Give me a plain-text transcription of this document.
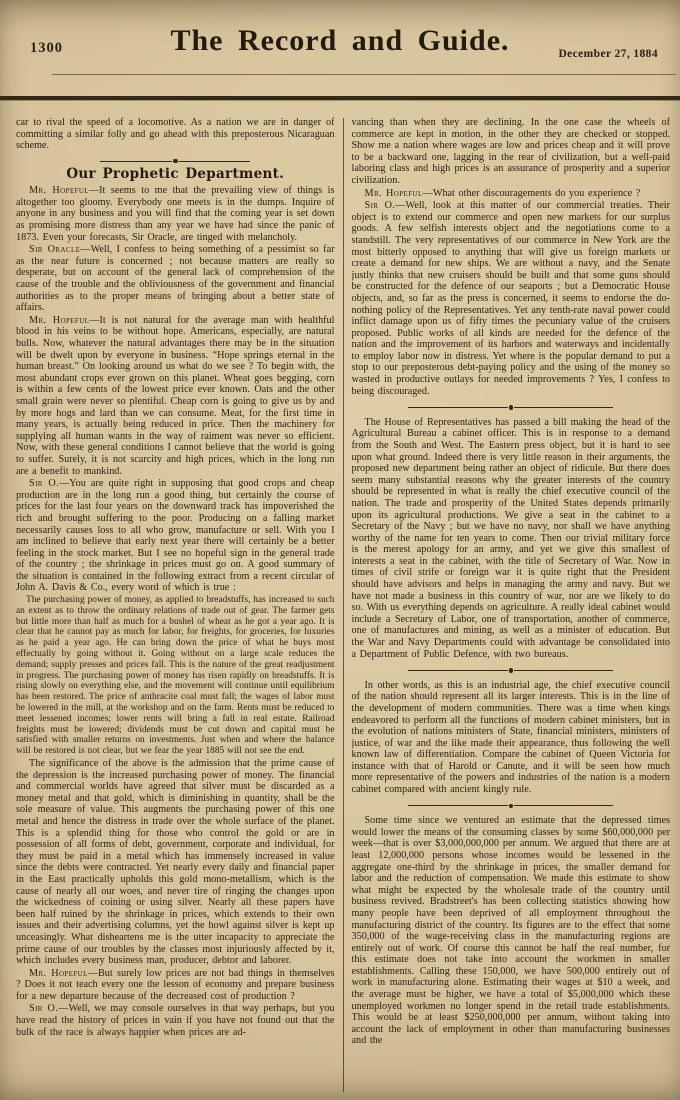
1300	The Record and Guide.	December 27, 1884

car to rival the speed of a locomotive. As a nation we are in danger of committing a similar folly and go ahead with this preposterous Nicaraguan scheme.

Our Prophetic Department.

Mr. Hopeful—It seems to me that the prevailing view of things is altogether too gloomy. Everybody one meets is in the dumps. Inquire of anyone in any business and you will find that the coming year is set down as promising more distress than any year we have had since the panic of 1873. Even your forecasts, Sir Oracle, are tinged with melancholy.

Sir Oracle—Well, I confess to being something of a pessimist so far as the near future is concerned ; not because matters are really so desperate, but on account of the general lack of comprehension of the cause of the trouble and the obliviousness of the government and financial authorities as to the proper means of bringing about a better state of affairs.

Mr. Hopeful—It is not natural for the average man with healthful blood in his veins to be without hope. Americans, especially, are natural bulls. Now, whatever the natural advantages there may be in the situation will be dwelt upon by everyone in business. “Hope springs eternal in the human breast.” On looking around us what do we see ? To begin with, the most abundant crops ever grown on this planet. Wheat goes begging, corn is within a few cents of the lowest price ever known. Oats and the other small grain were never so plentiful. Cheap corn is going to give us by and by more hogs and lard than we can consume. Meat, for the first time in many years, is actually being reduced in price. Then the machinery for supplying all human wants in the way of raiment was never so efficient. Now, with these general conditions I cannot believe that the world is going to suffer. Surely, it is not scarcity and high prices, which in the long run are a benefit to mankind.

Sir O.—You are quite right in supposing that good crops and cheap production are in the long run a good thing, but certainly the course of prices for the last four years on the downward track has impoverished the rich and brought suffering to the poor. Producing on a falling market necessarily causes loss to all who grow, manufacture or sell. With you I am inclined to believe that early next year there will certainly be a better feeling in the stock market. But I see no hopeful sign in the general trade of the country ; the shrinkage in prices must go on. A good summary of the situation is contained in the following extract from a recent circular of John A. Davis & Co., every word of which is true :

The purchasing power of money, as applied to breadstuffs, has increased to such an extent as to throw the ordinary relations of trade out of gear. The farmer gets but little more than half as much for a bushel of wheat as he got a year ago. It is clear that he cannot pay as much for labor, for freights, for groceries, for luxuries as he paid a year ago. He can bring down the price of what he buys most effectually by going without it. Going without on a large scale reduces the demand; supply presses and prices fall. This is the nature of the great readjustment in progress. The purchasing power of money has risen rapidly on breadstuffs. It is rising slowly on everything else, and the movement will continue until equilibrium has been restored. The price of anthracite coal must fall; the wages of labor must be lowered in the mill, at the workshop and on the farm. Rents must be reduced to meet lessened incomes; lower rents will bring a fall in real estate. Railroad freights must be lowered; dividends must be cut down and capital must be satisfied with smaller returns on investments. Just when and where the balance will be restored is not clear, but we fear the year 1885 will not see the end.

The significance of the above is the admission that the prime cause of the depression is the increased purchasing power of money. The financial and commercial worlds have agreed that silver must be discarded as a money metal and that gold, which is diminishing in quantity, shall be the sole measure of value. This augments the purchasing power of this one metal and hence the distress in trade over the whole surface of the planet. This is a splendid thing for those who control the gold or are in possession of all forms of debt, government, corporate and individual, for they must be paid in a metal which has immensely increased in value since the debts were contracted. Yet nearly every daily and financial paper in the East practically upholds this gold mono-metallism, which is the cause of nearly all our woes, and never tire of ringing the changes upon the wickedness of coining or using silver. Nearly all these papers have been half ruined by the shrinkage in prices, which extends to their own issues and their advertising columns, yet the howl against silver is kept up unceasingly. What disheartens me is the utter incapacity to appreciate the prime cause of our troubles by the classes most injuriously affected by it, which includes every business man, producer, debtor and laborer.

Mr. Hopeful—But surely low prices are not bad things in themselves ? Does it not teach every one the lesson of economy and prepare business for a new departure because of the decreased cost of production ?

Sir O.—Well, we may console ourselves in that way perhaps, but you have read the history of prices in vain if you have not found out that the bulk of the race is always happier when prices are ad-

vancing than when they are declining. In the one case the wheels of commerce are kept in motion, in the other they are checked or stopped. Show me a nation where wages are low and prices cheap and it will prove to be a backward one, lagging in the rear of civilization, but a well-paid laboring class and high prices is an assurance of prosperity and a superior civilization.

Mr. Hopeful—What other discouragements do you experience ?

Sir O.—Well, look at this matter of our commercial treaties. Their object is to extend our commerce and open new markets for our surplus goods. A few selfish interests object and the negotiations come to a standstill. The very representatives of our commerce in New York are the most bitterly opposed to anything that will give us foreign markets or create a demand for new ships. We are without a navy, and the Senate justly thinks that new cruisers should be built and that some guns should be constructed for the defence of our seaports ; but a Democratic House objects, and, so far as the press is concerned, it seems to endorse the do-nothing policy of the Representatives. Yet any tenth-rate naval power could inflict damage upon us of fifty times the pecuniary value of the cruisers proposed. Public works of all kinds are needed for the defence of the nation and the improvement of its harbors and waterways and incidentally to employ labor now in distress. Yet where is the popular demand to put a stop to our preposterous debt-paying policy and the using of the money so wasted in productive outlays for needed improvements ? Yes, I confess to being discouraged.

The House of Representatives has passed a bill making the head of the Agricultural Bureau a cabinet officer. This is in response to a demand from the South and West. The Eastern press object, but it is hard to see upon what ground. Indeed there is very little reason in their arguments, the proposed new department being rather an object of ridicule. But there does seem many substantial reasons why the greater interests of the country should be represented in what is really the chief executive council of the nation. The trade and prosperity of the United States depends primarily upon its agricultural productions. We give a seat in the cabinet to a Secretary of the Navy ; but we have no navy, nor shall we have anything worthy of the name for ten years to come. Then our trivial military force is the merest apology for an army, and yet we give this smallest of interests a seat in the cabinet, with the title of Secretary of War. Now in times of civil strife or foreign war it is quite right that the President should have advisors and helps in managing the army and navy. But we have not made a business in this country of war, nor are we likely to do so. With us everything depends on agriculture. A really ideal cabinet would include a Secretary of Labor, one of transportation, another of commerce, one of manufactures and mining, as well as a minister of education. But the War and Navy Departments could with advantage be consolidated into a Department of Public Defence, with two bureaus.

In other words, as this is an industrial age, the chief executive council of the nation should represent all its larger interests. This is in the line of the development of modern communities. There was a time when kings endeavored to perform all the functions of modern cabinet ministers, but in the evolution of nations ministers of State, financial ministers, ministers of justice, of war and the like made their appearance, thus following the well known law of differentiation. Compare the cabinet of Queen Victoria for instance with that of Harold or Canute, and it will be seen how much more representative of the powers and industries of the nation is a modern cabinet compared with ancient kingly rule.

Some time since we ventured an estimate that the depressed times would lower the means of the consuming classes by some $60,000,000 per week—that is over $3,000,000,000 per annum. We argued that there are at least 12,000,000 persons whose incomes would be lessened in the aggregate one-third by the shrinkage in prices, the smaller demand for labor and the reduction of compensation. We made this estimate to show what might be expected by the wholesale trade of the country until business revived. Bradstreet's has been collecting statistics showing how many people have been deprived of all employment throughout the manufacturing district of the country. Its figures are to the effect that some 350,000 of the wage-receiving class in the manufacturing regions are entirely out of work. Of course this cannot be half the real number, for this estimate does not take into account the workmen in smaller establishments. Calling these 150,000, we have 500,000 entirely out of work in manufacturing alone. Estimating their wages at $10 a week, and the average must be higher, we have a total of $5,000,000 which these unemployed workmen no longer spend in the retail trade establishments. This would be at least $250,000,000 per annum, without taking into account the lack of employment in other than manufacturing businesses and the
